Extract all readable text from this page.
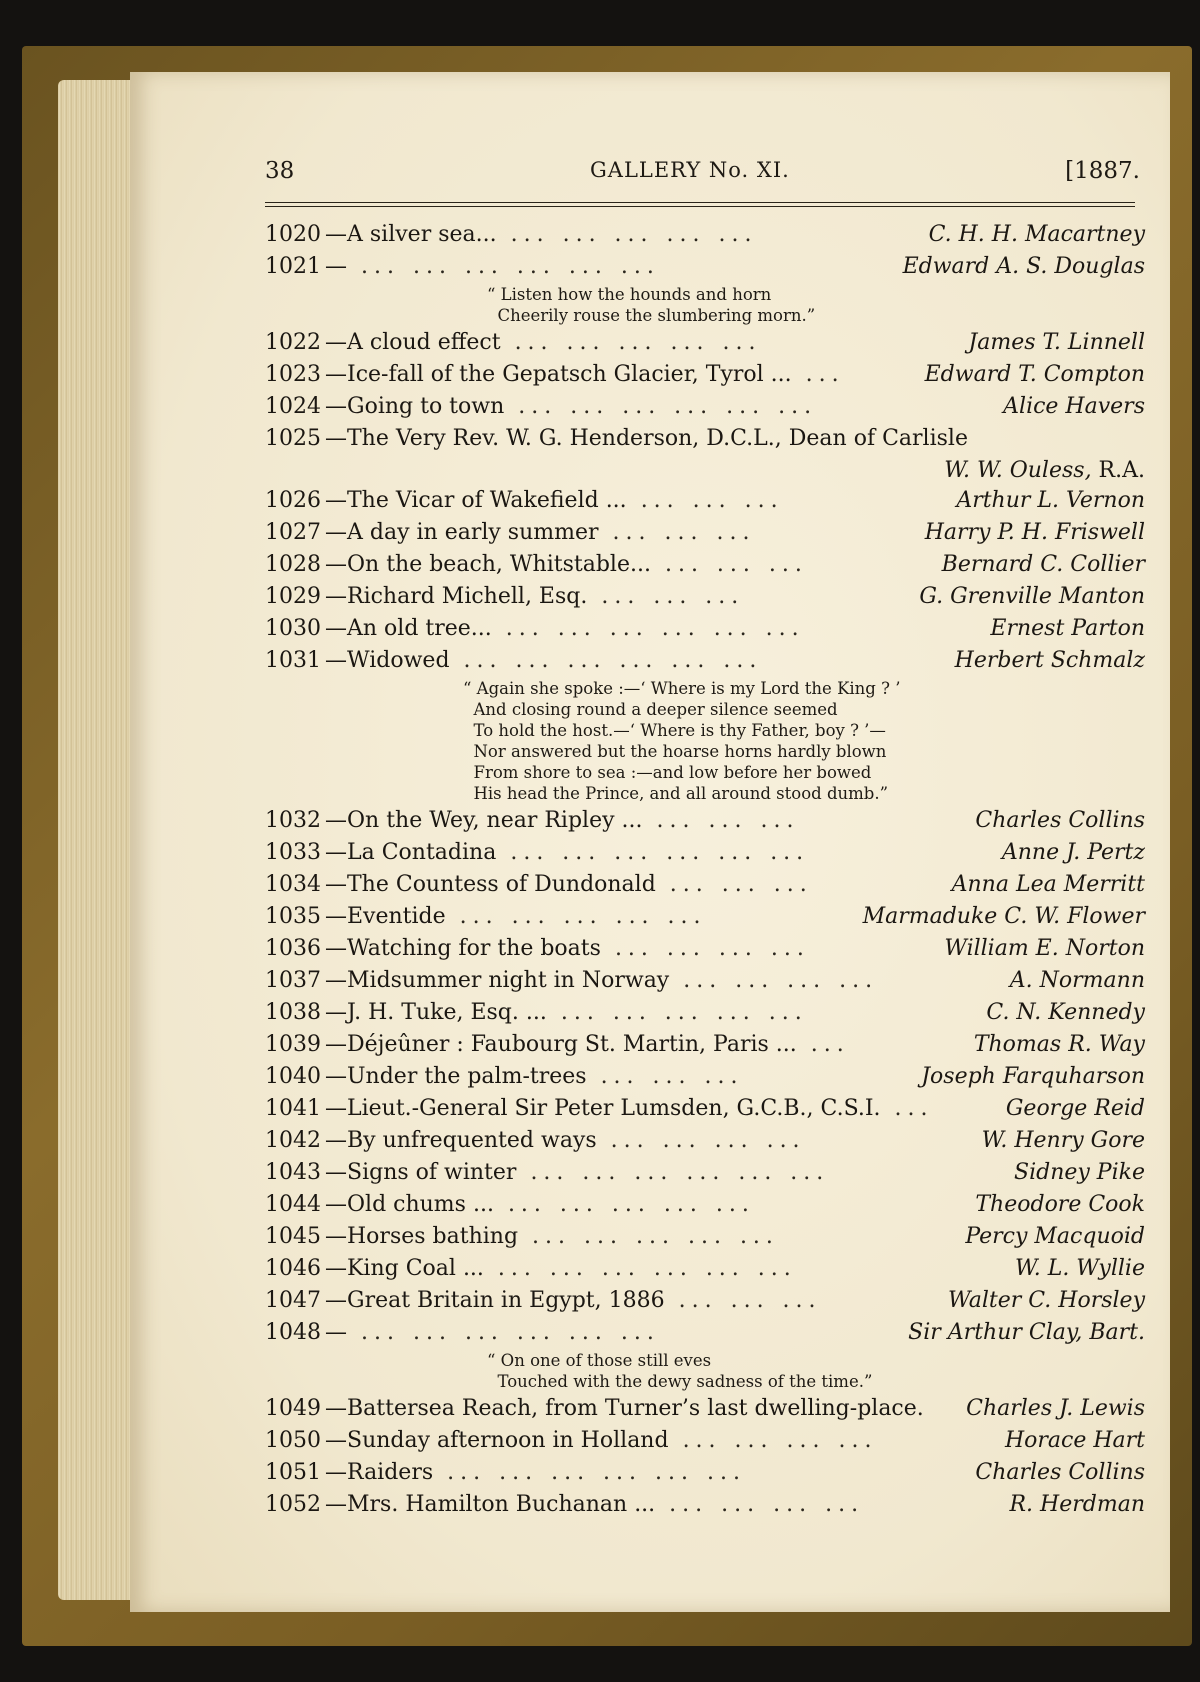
38	GALLERY No. XI.	[1887.
1020 —A silver sea...	C. H. H. Macartney
... ... ... ... ...
1021 —	Edward A. S. Douglas
... ... ... ... ... ...
“ Listen how the hounds and horn
Cheerily rouse the slumbering morn.”
1022 —A cloud effect	James T. Linnell
... ... ... ... ...
1023 —Ice-fall of the Gepatsch Glacier, Tyrol ...	Edward T. Compton
...
1024 —Going to town	Alice Havers
... ... ... ... ... ...
1025 —The Very Rev. W. G. Henderson, D.C.L., Dean of Carlisle
W. W. Ouless, R.A.
1026 —The Vicar of Wakefield ...	Arthur L. Vernon
... ... ...
1027 —A day in early summer	Harry P. H. Friswell
... ... ...
1028 —On the beach, Whitstable...	Bernard C. Collier
... ... ...
1029 —Richard Michell, Esq.	G. Grenville Manton
... ... ...
1030 —An old tree...	Ernest Parton
... ... ... ... ... ...
1031 —Widowed	Herbert Schmalz
... ... ... ... ... ...
“ Again she spoke :—‘ Where is my Lord the King ? ’
And closing round a deeper silence seemed
To hold the host.—‘ Where is thy Father, boy ? ’—
Nor answered but the hoarse horns hardly blown
From shore to sea :—and low before her bowed
His head the Prince, and all around stood dumb.”
1032 —On the Wey, near Ripley ...	Charles Collins
... ... ...
1033 —La Contadina	Anne J. Pertz
... ... ... ... ... ...
1034 —The Countess of Dundonald	Anna Lea Merritt
... ... ...
1035 —Eventide	Marmaduke C. W. Flower
... ... ... ... ...
1036 —Watching for the boats	William E. Norton
... ... ... ...
1037 —Midsummer night in Norway	A. Normann
... ... ... ...
1038 —J. H. Tuke, Esq. ...	C. N. Kennedy
... ... ... ... ...
1039 —Déjeûner : Faubourg St. Martin, Paris ...	Thomas R. Way
...
1040 —Under the palm-trees	Joseph Farquharson
... ... ...
1041 —Lieut.-General Sir Peter Lumsden, G.C.B., C.S.I.	George Reid
...
1042 —By unfrequented ways	W. Henry Gore
... ... ... ...
1043 —Signs of winter	Sidney Pike
... ... ... ... ... ...
1044 —Old chums ...	Theodore Cook
... ... ... ... ...
1045 —Horses bathing	Percy Macquoid
... ... ... ... ...
1046 —King Coal ...	W. L. Wyllie
... ... ... ... ... ...
1047 —Great Britain in Egypt, 1886	Walter C. Horsley
... ... ...
1048 —	Sir Arthur Clay, Bart.
... ... ... ... ... ...
“ On one of those still eves
Touched with the dewy sadness of the time.”
1049 —Battersea Reach, from Turner’s last dwelling-place. Charles J. Lewis
1050 —Sunday afternoon in Holland	Horace Hart
... ... ... ...
1051 —Raiders	Charles Collins
... ... ... ... ... ...
1052 —Mrs. Hamilton Buchanan ...	R. Herdman
... ... ... ...
